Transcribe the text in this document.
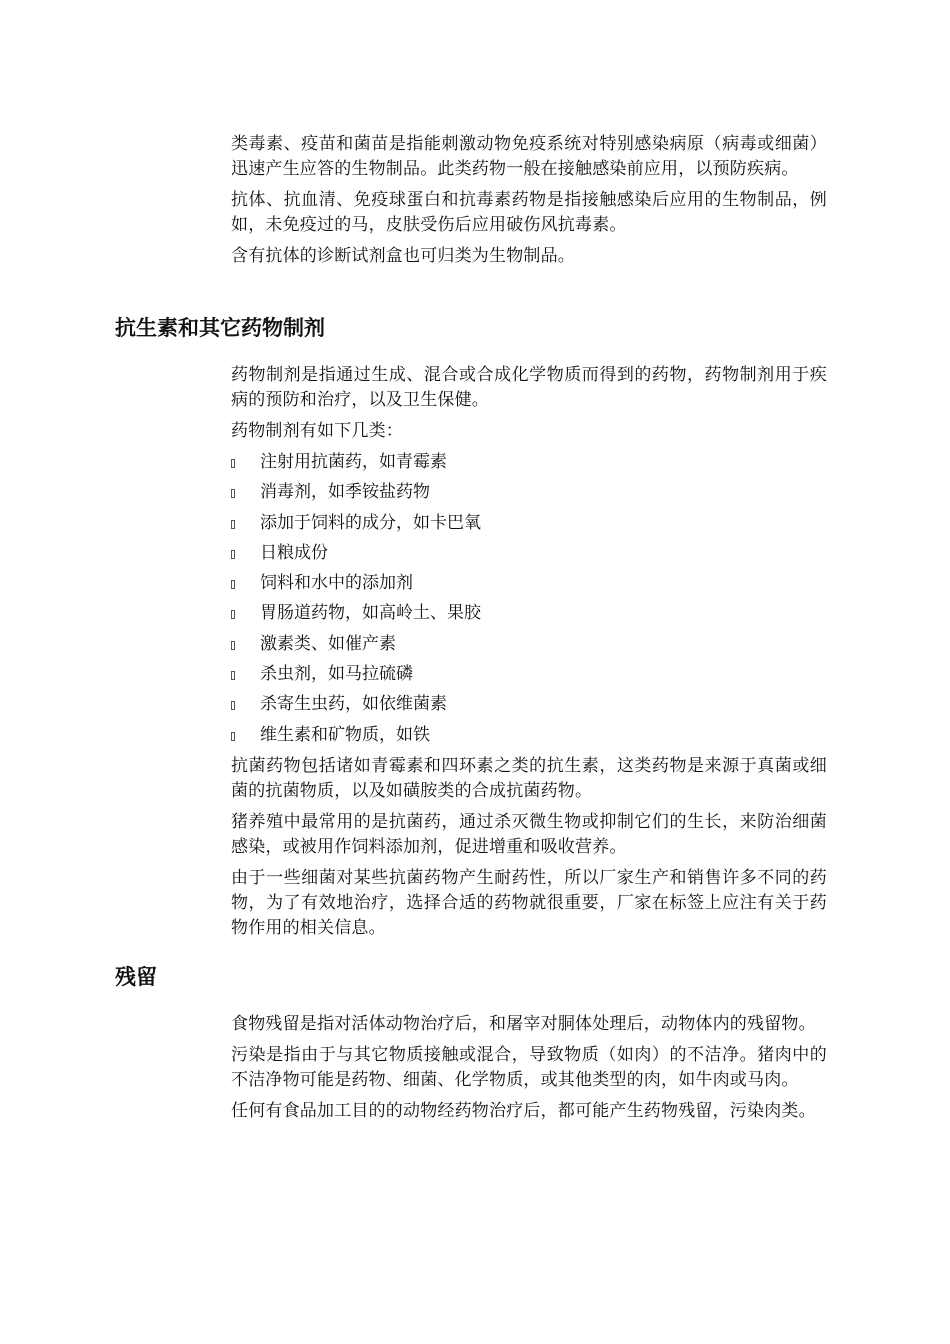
类毒素、疫苗和菌苗是指能刺激动物免疫系统对特别感染病原（病毒或细菌）迅速产生应答的生物制品。此类药物一般在接触感染前应用，以预防疾病。

抗体、抗血清、免疫球蛋白和抗毒素药物是指接触感染后应用的生物制品，例如，未免疫过的马，皮肤受伤后应用破伤风抗毒素。

含有抗体的诊断试剂盒也可归类为生物制品。

抗生素和其它药物制剂

药物制剂是指通过生成、混合或合成化学物质而得到的药物，药物制剂用于疾病的预防和治疗，以及卫生保健。

药物制剂有如下几类：

注射用抗菌药，如青霉素
消毒剂，如季铵盐药物
添加于饲料的成分，如卡巴氧
日粮成份
饲料和水中的添加剂
胃肠道药物，如高岭土、果胶
激素类、如催产素
杀虫剂，如马拉硫磷
杀寄生虫药，如依维菌素
维生素和矿物质，如铁

抗菌药物包括诸如青霉素和四环素之类的抗生素，这类药物是来源于真菌或细菌的抗菌物质，以及如磺胺类的合成抗菌药物。

猪养殖中最常用的是抗菌药，通过杀灭微生物或抑制它们的生长，来防治细菌感染，或被用作饲料添加剂，促进增重和吸收营养。

由于一些细菌对某些抗菌药物产生耐药性，所以厂家生产和销售许多不同的药物，为了有效地治疗，选择合适的药物就很重要，厂家在标签上应注有关于药物作用的相关信息。

残留

食物残留是指对活体动物治疗后，和屠宰对胴体处理后，动物体内的残留物。

污染是指由于与其它物质接触或混合，导致物质（如肉）的不洁净。猪肉中的不洁净物可能是药物、细菌、化学物质，或其他类型的肉，如牛肉或马肉。

任何有食品加工目的的动物经药物治疗后，都可能产生药物残留，污染肉类。
